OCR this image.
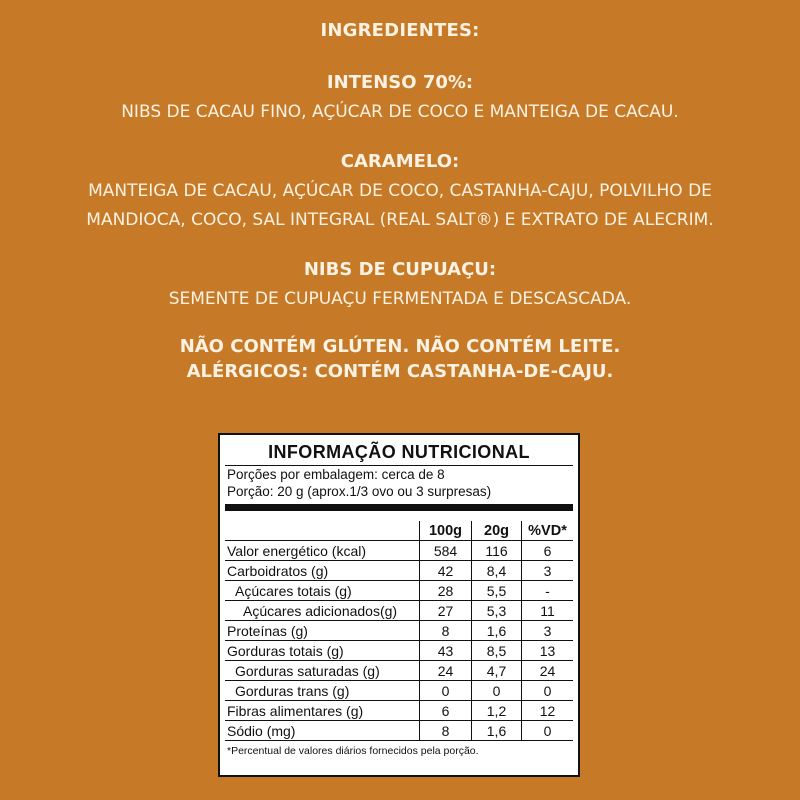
INGREDIENTES:

INTENSO 70%:

NIBS DE CACAU FINO, AÇÚCAR DE COCO E MANTEIGA DE CACAU.

CARAMELO:

MANTEIGA DE CACAU, AÇÚCAR DE COCO, CASTANHA-CAJU, POLVILHO DE

MANDIOCA, COCO, SAL INTEGRAL (REAL SALT®) E EXTRATO DE ALECRIM.

NIBS DE CUPUAÇU:

SEMENTE DE CUPUAÇU FERMENTADA E DESCASCADA.

NÃO CONTÉM GLÚTEN. NÃO CONTÉM LEITE.

ALÉRGICOS: CONTÉM CASTANHA-DE-CAJU.

INFORMAÇÃO NUTRICIONAL

Porções por embalagem: cerca de 8

Porção: 20 g (aprox.1/3 ovo ou 3 surpresas)

	100g	20g	%VD*
Valor energético (kcal)	584	116	6
Carboidratos (g)	42	8,4	3
Açúcares totais (g)	28	5,5	-
Açúcares adicionados(g)	27	5,3	11
Proteínas (g)	8	1,6	3
Gorduras totais (g)	43	8,5	13
Gorduras saturadas (g)	24	4,7	24
Gorduras trans (g)	0	0	0
Fibras alimentares (g)	6	1,2	12
Sódio (mg)	8	1,6	0

*Percentual de valores diários fornecidos pela porção.
